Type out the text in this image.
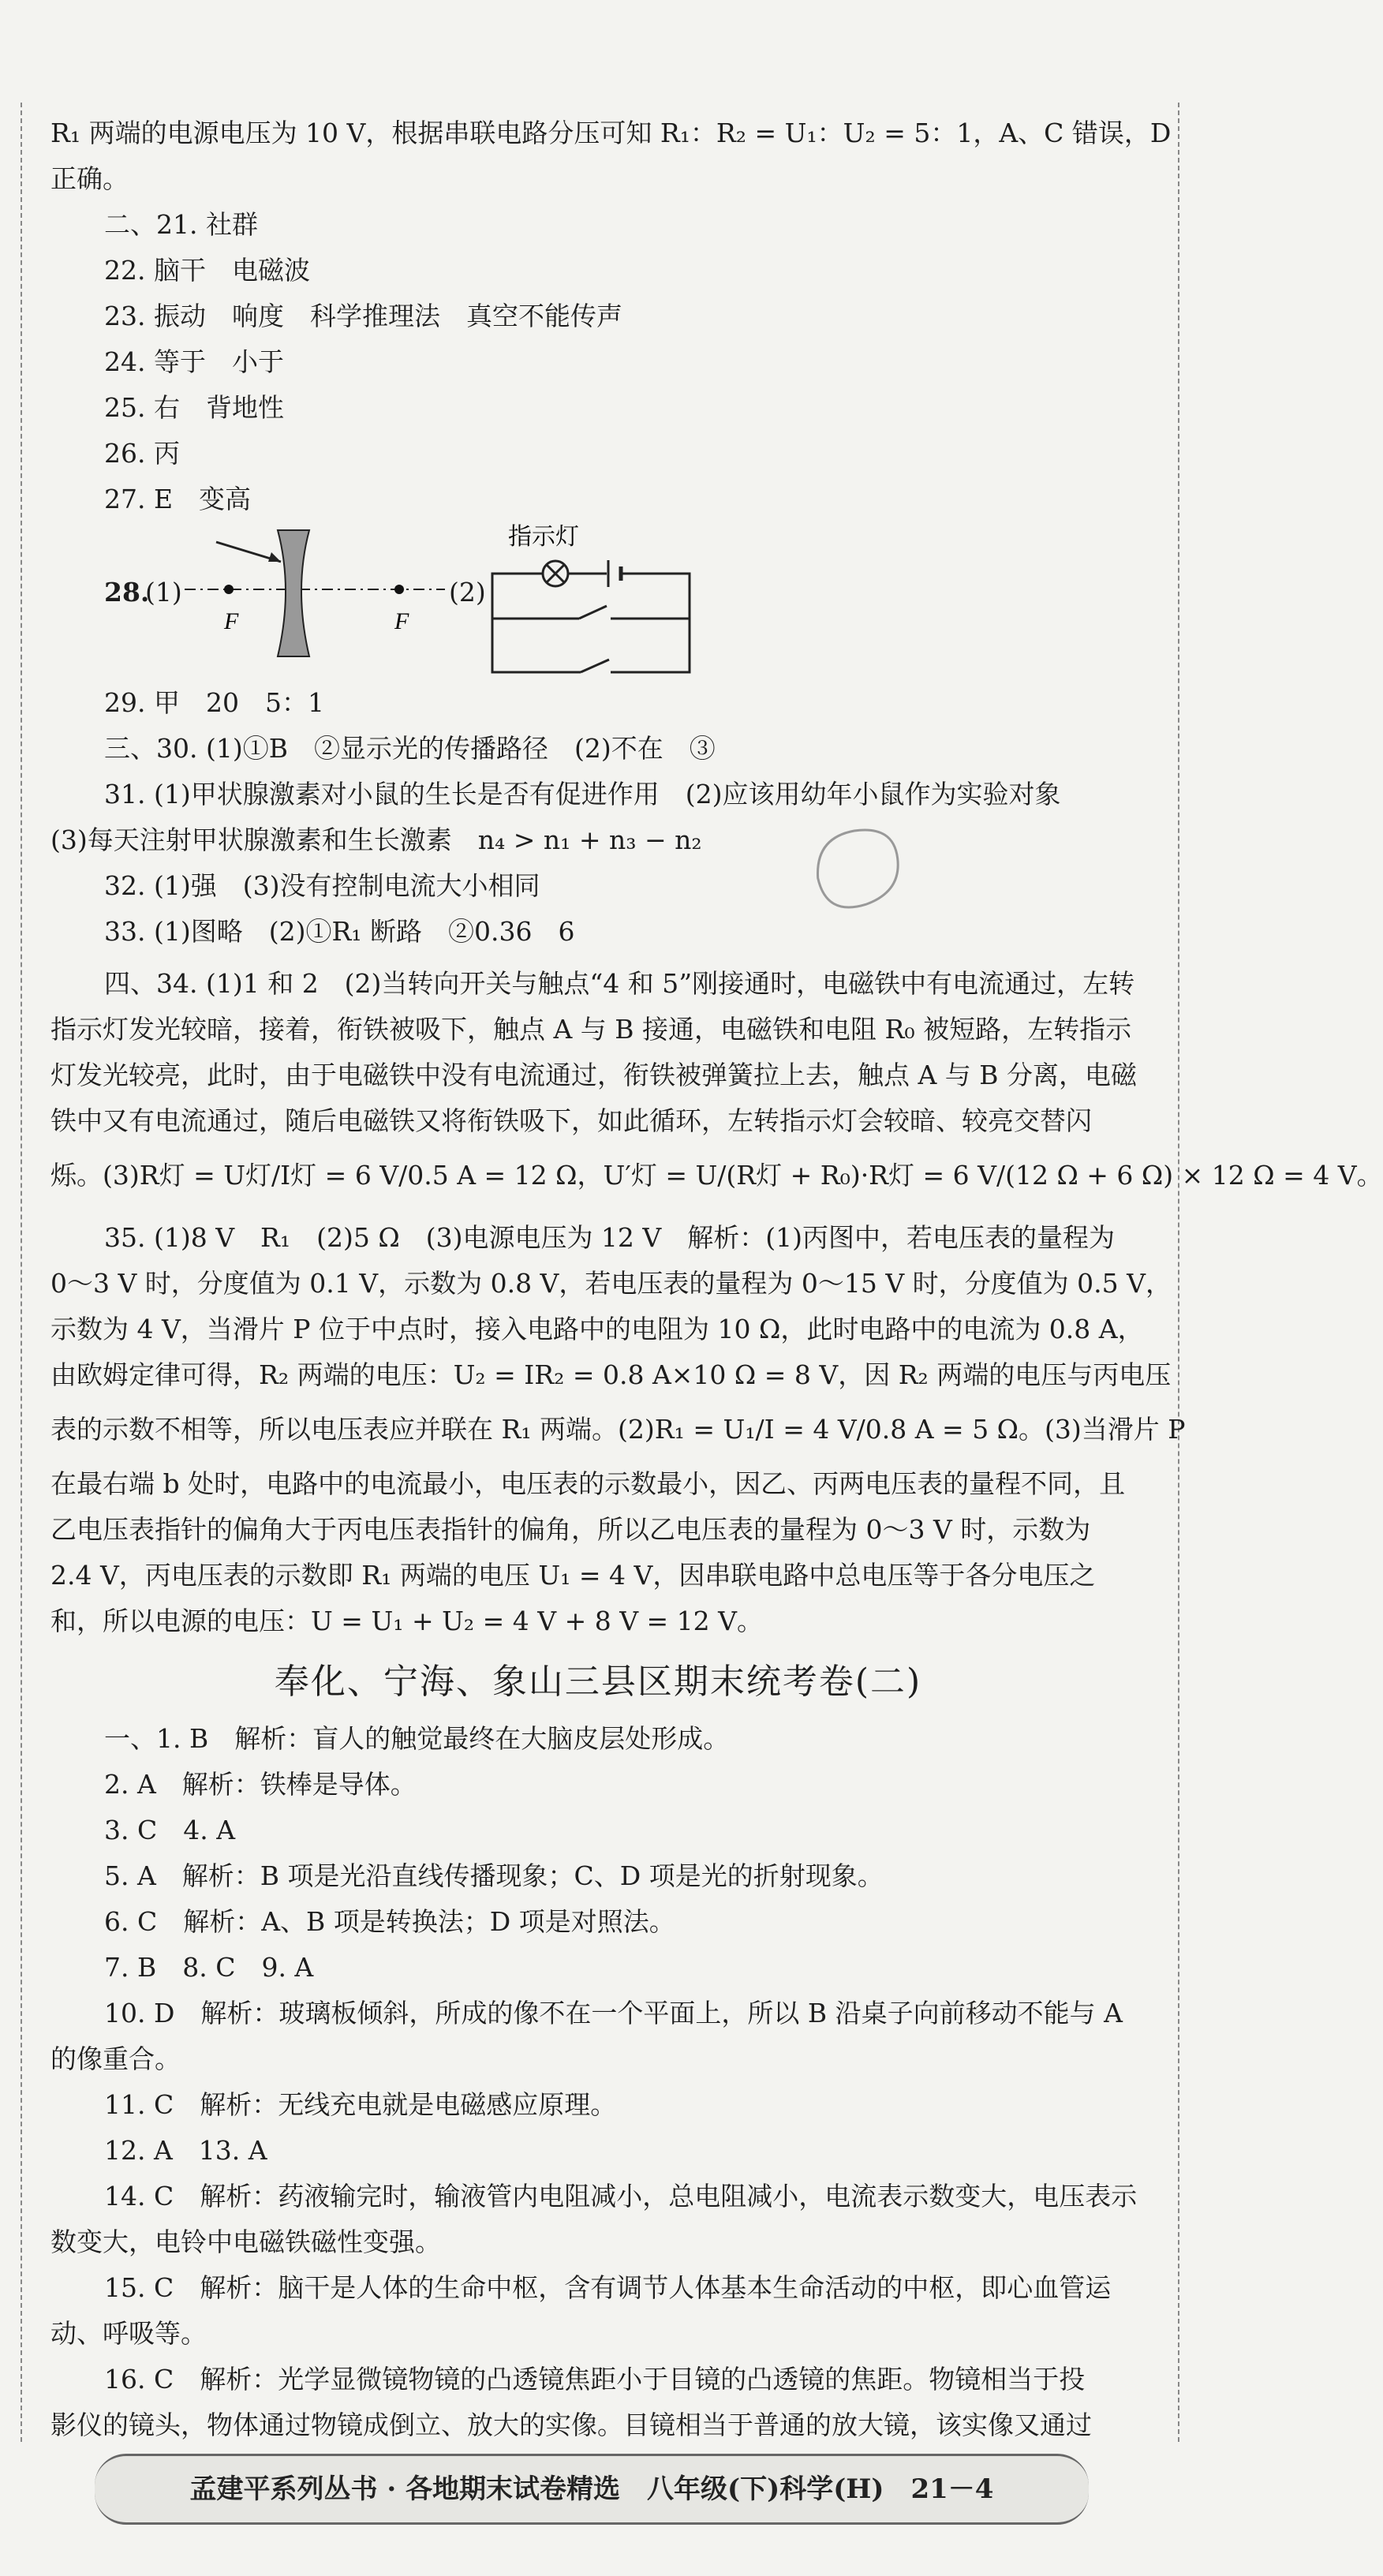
R₁ 两端的电源电压为 10 V，根据串联电路分压可知 R₁：R₂ = U₁：U₂ = 5：1，A、C 错误，D
正确。
二、21. 社群
22. 脑干　电磁波
23. 振动　响度　科学推理法　真空不能传声
24. 等于　小于
25. 右　背地性
26. 丙
27. E　变高
28.
(1)
F	F
(2)
指示灯
29. 甲　20　5：1
三、30. (1)①B　②显示光的传播路径　(2)不在　③
31. (1)甲状腺激素对小鼠的生长是否有促进作用　(2)应该用幼年小鼠作为实验对象
(3)每天注射甲状腺激素和生长激素　n₄ > n₁ + n₃ − n₂
32. (1)强　(3)没有控制电流大小相同
33. (1)图略　(2)①R₁ 断路　②0.36　6
四、34. (1)1 和 2　(2)当转向开关与触点“4 和 5”刚接通时，电磁铁中有电流通过，左转
指示灯发光较暗，接着，衔铁被吸下，触点 A 与 B 接通，电磁铁和电阻 R₀ 被短路，左转指示
灯发光较亮，此时，由于电磁铁中没有电流通过，衔铁被弹簧拉上去，触点 A 与 B 分离，电磁
铁中又有电流通过，随后电磁铁又将衔铁吸下，如此循环，左转指示灯会较暗、较亮交替闪
烁。(3)R灯 = U灯/I灯 = 6 V/0.5 A = 12 Ω，U′灯 = U/(R灯 + R₀)·R灯 = 6 V/(12 Ω + 6 Ω) × 12 Ω = 4 V。
35. (1)8 V　R₁　(2)5 Ω　(3)电源电压为 12 V　解析：(1)丙图中，若电压表的量程为
0～3 V 时，分度值为 0.1 V，示数为 0.8 V，若电压表的量程为 0～15 V 时，分度值为 0.5 V，
示数为 4 V，当滑片 P 位于中点时，接入电路中的电阻为 10 Ω，此时电路中的电流为 0.8 A，
由欧姆定律可得，R₂ 两端的电压：U₂ = IR₂ = 0.8 A×10 Ω = 8 V，因 R₂ 两端的电压与丙电压
表的示数不相等，所以电压表应并联在 R₁ 两端。(2)R₁ = U₁/I = 4 V/0.8 A = 5 Ω。(3)当滑片 P
在最右端 b 处时，电路中的电流最小，电压表的示数最小，因乙、丙两电压表的量程不同，且
乙电压表指针的偏角大于丙电压表指针的偏角，所以乙电压表的量程为 0～3 V 时，示数为
2.4 V，丙电压表的示数即 R₁ 两端的电压 U₁ = 4 V，因串联电路中总电压等于各分电压之
和，所以电源的电压：U = U₁ + U₂ = 4 V + 8 V = 12 V。
奉化、宁海、象山三县区期末统考卷(二)
一、1. B　解析：盲人的触觉最终在大脑皮层处形成。
2. A　解析：铁棒是导体。
3. C　4. A
5. A　解析：B 项是光沿直线传播现象；C、D 项是光的折射现象。
6. C　解析：A、B 项是转换法；D 项是对照法。
7. B　8. C　9. A
10. D　解析：玻璃板倾斜，所成的像不在一个平面上，所以 B 沿桌子向前移动不能与 A
的像重合。
11. C　解析：无线充电就是电磁感应原理。
12. A　13. A
14. C　解析：药液输完时，输液管内电阻减小，总电阻减小，电流表示数变大，电压表示
数变大，电铃中电磁铁磁性变强。
15. C　解析：脑干是人体的生命中枢，含有调节人体基本生命活动的中枢，即心血管运
动、呼吸等。
16. C　解析：光学显微镜物镜的凸透镜焦距小于目镜的凸透镜的焦距。物镜相当于投
影仪的镜头，物体通过物镜成倒立、放大的实像。目镜相当于普通的放大镜，该实像又通过
孟建平系列丛书 · 各地期末试卷精选　八年级(下)科学(H)　21－4
